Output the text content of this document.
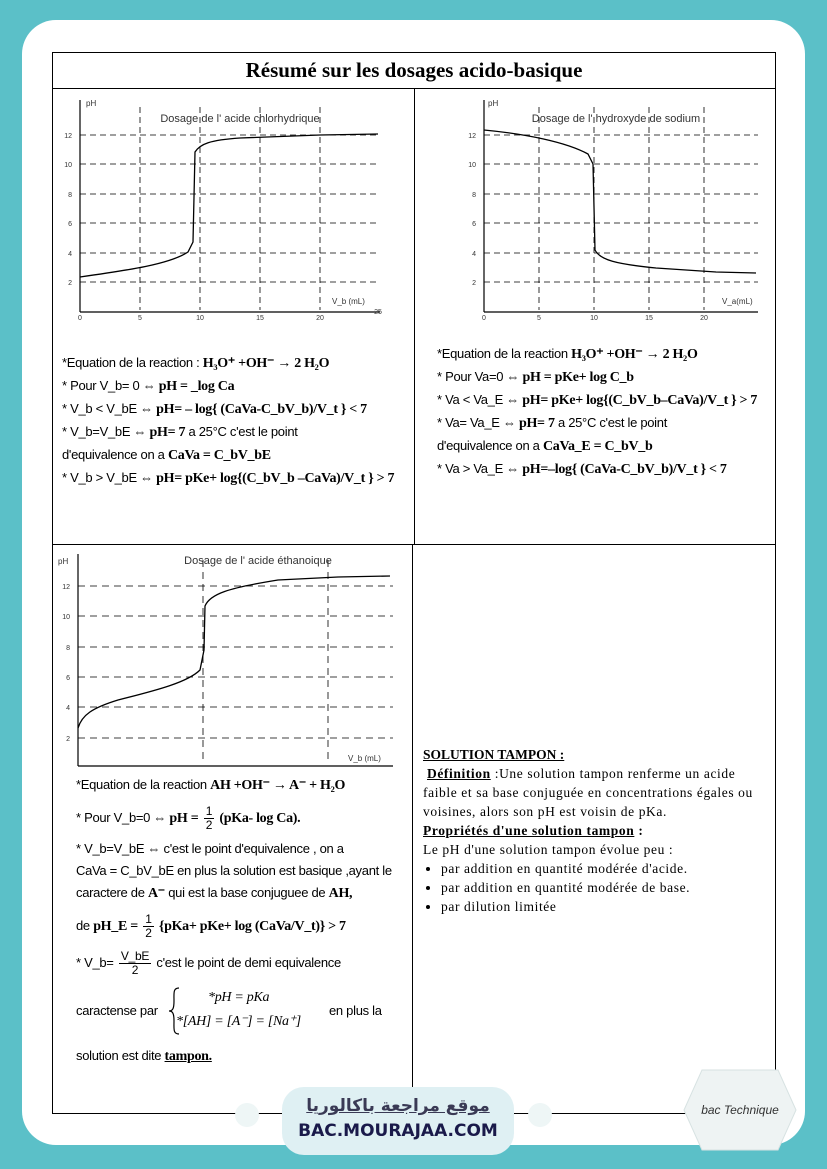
Résumé sur les dosages acido-basique
Dosage de l' acide chlorhydrique
pH
V_b (mL)
0	5	10	15	20
25
2
4
6
8
10
12
Dosage de l' hydroxyde de sodium
pH
V_a(mL)
0	5	10	15	20
2
4
6
8
10
12
Dosage de l' acide éthanoique
pH
V_b (mL)
2
4
6
8
10
12
*Equation de la reaction : H₃O⁺ +OH⁻ → 2 H₂O
* Pour V_b= 0 ⇔ pH = _log Ca
* V_b < V_bE ⇔ pH= – log{ (CaVa-C_bV_b)/V_t } < 7
* V_b=V_bE ⇔ pH= 7 a 25°C c'est le point
d'equivalence on a CaVa = C_bV_bE
* V_b > V_bE ⇔ pH= pKe+ log{(C_bV_b –CaVa)/V_t } > 7
*Equation de la reaction H₃O⁺ +OH⁻ → 2 H₂O
* Pour Va=0 ⇔ pH = pKe+ log C_b
* Va < Va_E ⇔ pH= pKe+ log{(C_bV_b–CaVa)/V_t } > 7
* Va= Va_E ⇔ pH= 7 a 25°C c'est le point
d'equivalence on a CaVa_E = C_bV_b
* Va > Va_E ⇔ pH=–log{ (CaVa-C_bV_b)/V_t } < 7
*Equation de la reaction AH +OH⁻ → A⁻ + H₂O
* Pour V_b=0 ⇔ pH = $\frac{1}{2} (pKa-$ log Ca).
* V_b=V_bE ⇔ c'est le point d'equivalence , on a
CaVa = C_bV_bE en plus la solution est basique ,ayant le
caractere de A⁻ qui est la base conjuguee de AH,
de pH_E = $\frac{1}{2} \{pKa+ pKe+ \log$ (CaVa/V_t)} > 7
* V_b= $\frac{V\_bE}{2} c'est$ le point de demi equivalence
caractense par
*pH = pKa
*[AH] = [A⁻] = [Na⁺]
en plus la
solution est dite tampon.
SOLUTION TAMPON :
Définition :Une solution tampon renferme un acide faible et sa base conjuguée en concentrations égales ou voisines, alors son pH est voisin de pKa.
Propriétés d'une solution tampon :
Le pH d'une solution tampon évolue peu :
• par addition en quantité modérée d'acide.
• par addition en quantité modérée de base.
• par dilution limitée
موقع مراجعة باكالوريا
BAC.MOURAJAA.COM
bac Technique
